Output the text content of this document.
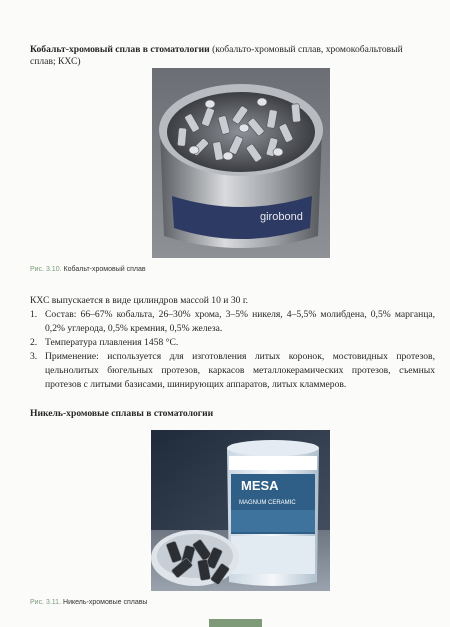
Кобальт-хромовый сплав в стоматологии (кобальто-хромовый сплав, хромокобальтовый сплав; КХС)

girobond

Рис. 3.10. Кобальт-хромовый сплав

КХС выпускается в виде цилиндров массой 10 и 30 г.

1. Состав: 66–67% кобальта, 26–30% хрома, 3–5% никеля, 4–5,5% молибдена, 0,5% марганца, 0,2% углерода, 0,5% кремния, 0,5% железа.
2. Температура плавления 1458 °С.
3. Применение: используется для изготовления литых коронок, мостовидных протезов, цельнолитых бюгельных протезов, каркасов металлокерамических протезов, съемных протезов с литыми базисами, шинирующих аппаратов, литых кламмеров.

Никель-хромовые сплавы в стоматологии

MESA
MAGNUM CERAMIC

Рис. 3.11. Никель-хромовые сплавы
